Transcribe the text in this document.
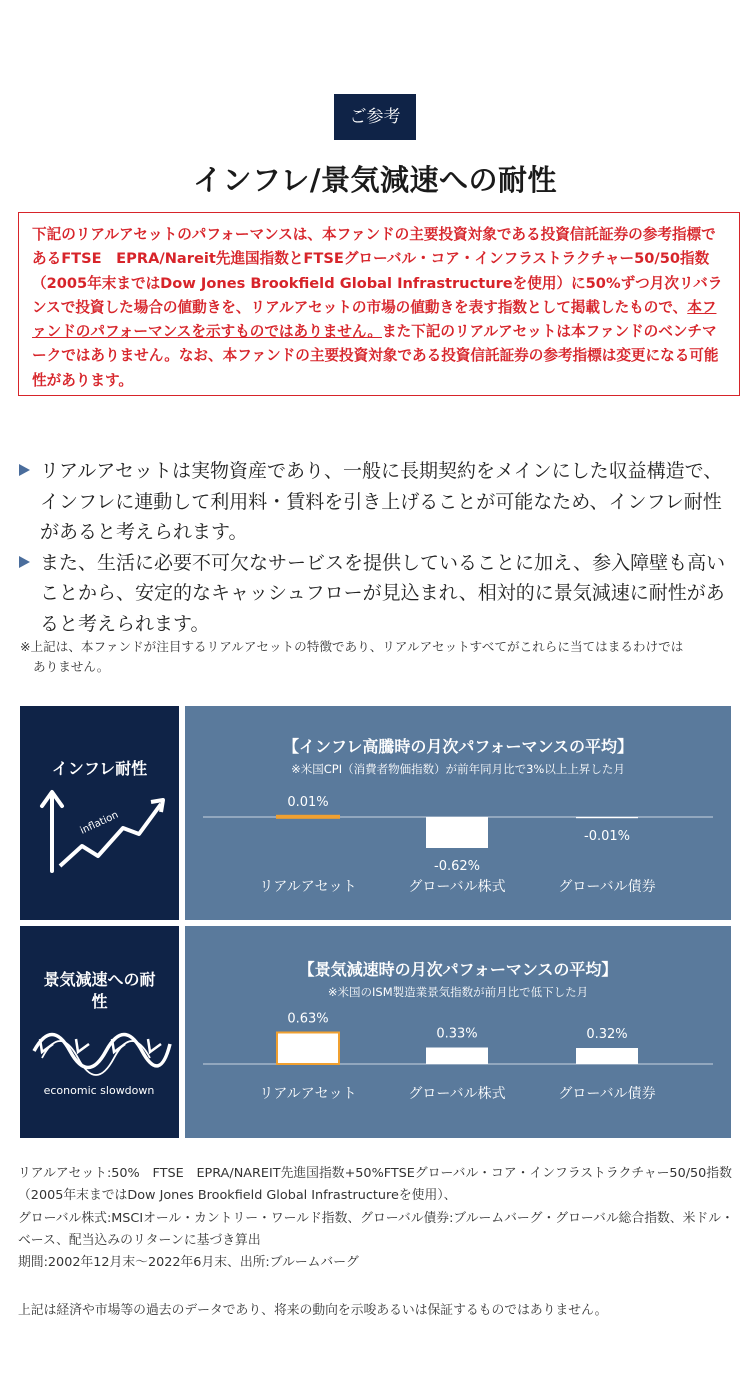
ご参考
インフレ/景気減速への耐性
下記のリアルアセットのパフォーマンスは、本ファンドの主要投資対象である投資信託証券の参考指標であるFTSE　EPRA/Nareit先進国指数とFTSEグローバル・コア・インフラストラクチャー50/50指数（2005年末まではDow Jones Brookfield Global Infrastructureを使用）に50%ずつ月次リバランスで投資した場合の値動きを、リアルアセットの市場の値動きを表す指数として掲載したもので、本ファンドのパフォーマンスを示すものではありません。また下記のリアルアセットは本ファンドのベンチマークではありません。なお、本ファンドの主要投資対象である投資信託証券の参考指標は変更になる可能性があります。
リアルアセットは実物資産であり、一般に長期契約をメインにした収益構造で、インフレに連動して利用料・賃料を引き上げることが可能なため、インフレ耐性があると考えられます。
また、生活に必要不可欠なサービスを提供していることに加え、参入障壁も高いことから、安定的なキャッシュフローが見込まれ、相対的に景気減速に耐性があると考えられます。
※上記は、本ファンドが注目するリアルアセットの特徴であり、リアルアセットすべてがこれらに当てはまるわけでは
ありません。
インフレ耐性
inflation
【インフレ高騰時の月次パフォーマンスの平均】
※米国CPI（消費者物価指数）が前年同月比で3%以上上昇した月
0.01%
リアルアセット
-0.62%
グローバル株式
-0.01%
グローバル債券
景気減速への耐性
economic slowdown
【景気減速時の月次パフォーマンスの平均】
※米国のISM製造業景気指数が前月比で低下した月
0.63%
リアルアセット
0.33%
グローバル株式
0.32%
グローバル債券
リアルアセット:50%　FTSE　EPRA/NAREIT先進国指数+50%FTSEグローバル・コア・インフラストラクチャー50/50指数
（2005年末まではDow Jones Brookfield Global Infrastructureを使用）、
グローバル株式:MSCIオール・カントリー・ワールド指数、グローバル債券:ブルームバーグ・グローバル総合指数、米ドル・
ベース、配当込みのリターンに基づき算出
期間:2002年12月末～2022年6月末、出所:ブルームバーグ
上記は経済や市場等の過去のデータであり、将来の動向を示唆あるいは保証するものではありません。
